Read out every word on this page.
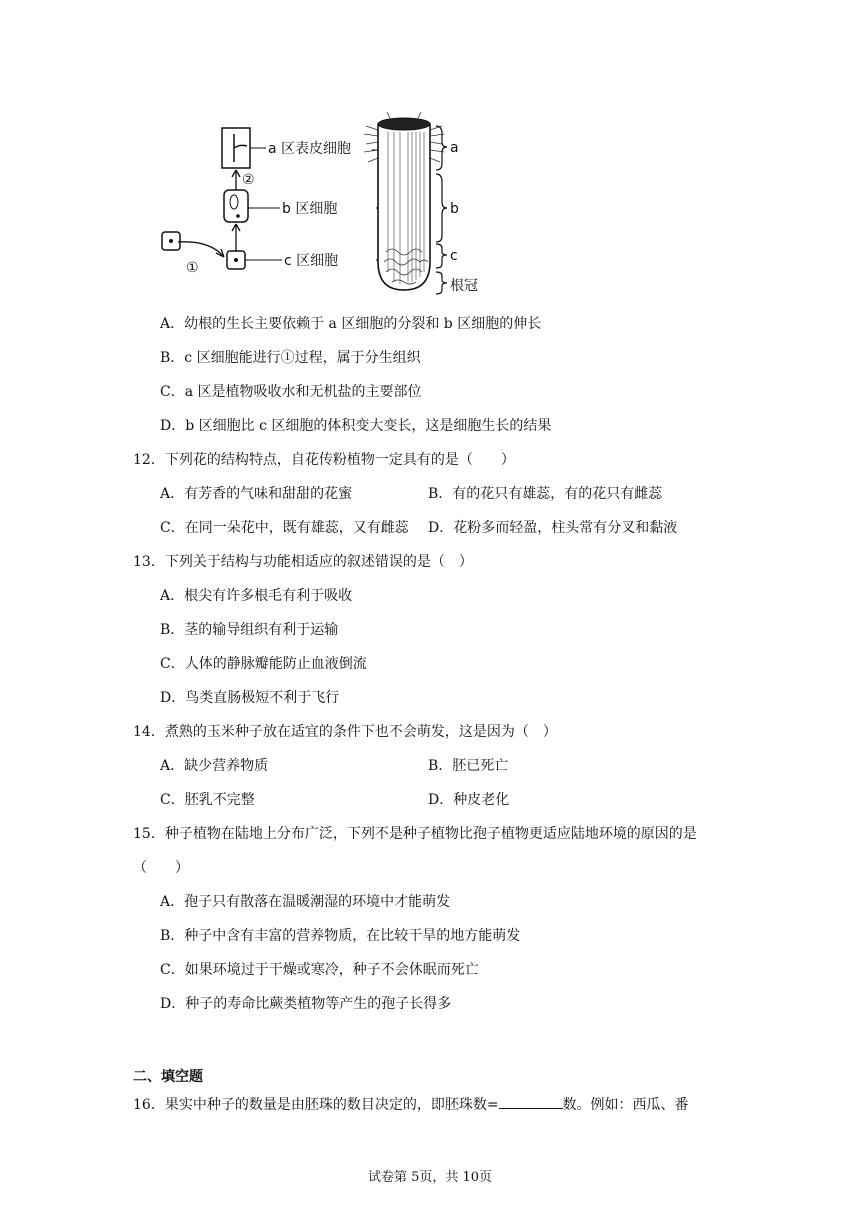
①
②
a 区表皮细胞
b 区细胞
c 区细胞
a
b
c
根冠
A．幼根的生长主要依赖于 a 区细胞的分裂和 b 区细胞的伸长
B．c 区细胞能进行①过程，属于分生组织
C．a 区是植物吸收水和无机盐的主要部位
D．b 区细胞比 c 区细胞的体积变大变长，这是细胞生长的结果
12．下列花的结构特点，自花传粉植物一定具有的是（　　）
A．有芳香的气味和甜甜的花蜜	B．有的花只有雄蕊，有的花只有雌蕊
C．在同一朵花中，既有雄蕊，又有雌蕊 D．花粉多而轻盈，柱头常有分叉和黏液
13．下列关于结构与功能相适应的叙述错误的是（　）
A．根尖有许多根毛有利于吸收
B．茎的输导组织有利于运输
C．人体的静脉瓣能防止血液倒流
D．鸟类直肠极短不利于飞行
14．煮熟的玉米种子放在适宜的条件下也不会萌发，这是因为（　）
A．缺少营养物质	B．胚已死亡
C．胚乳不完整	D．种皮老化
15．种子植物在陆地上分布广泛，下列不是种子植物比孢子植物更适应陆地环境的原因的是
（　　）
A．孢子只有散落在温暖潮湿的环境中才能萌发
B．种子中含有丰富的营养物质，在比较干旱的地方能萌发
C．如果环境过于干燥或寒冷，种子不会休眠而死亡
D．种子的寿命比蕨类植物等产生的孢子长得多
二、填空题
16．果实中种子的数量是由胚珠的数目决定的，即胚珠数=	数。例如：西瓜、番
试卷第 5页，共 10页
